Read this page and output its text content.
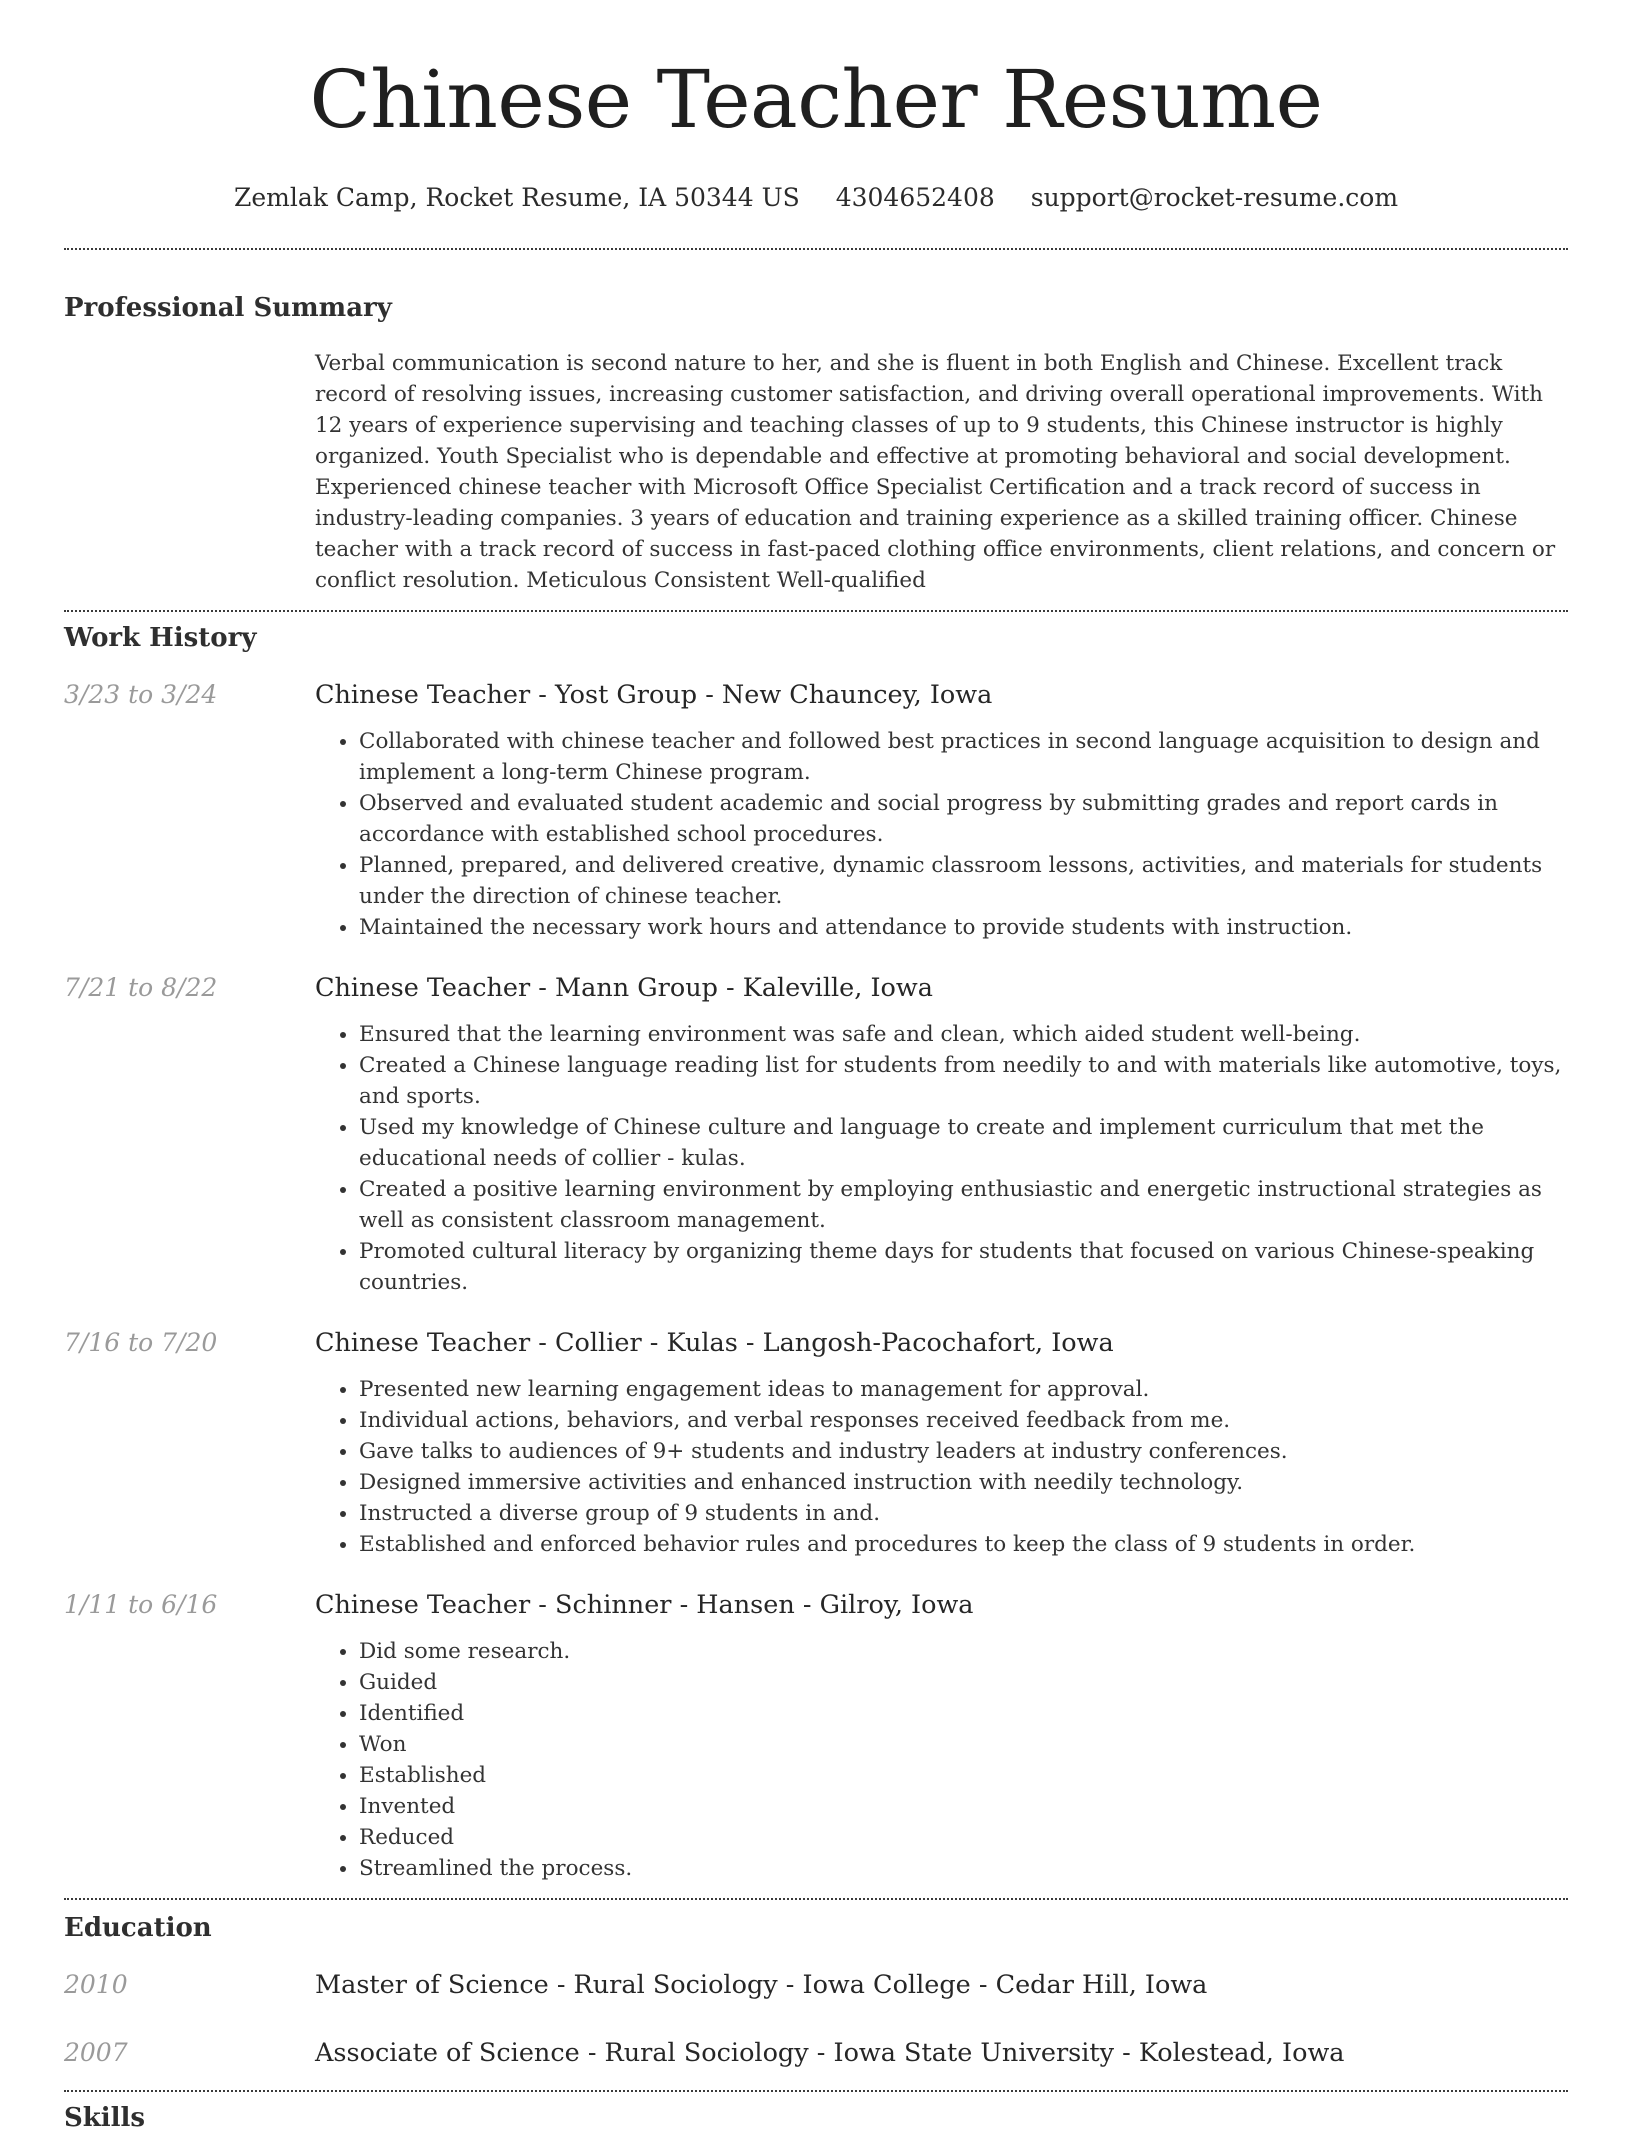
Chinese Teacher Resume
Zemlak Camp, Rocket Resume, IA 50344 US 4304652408 support@rocket-resume.com
Professional Summary
Verbal communication is second nature to her, and she is fluent in both English and Chinese. Excellent track record of resolving issues, increasing customer satisfaction, and driving overall operational improvements. With 12 years of experience supervising and teaching classes of up to 9 students, this Chinese instructor is highly organized. Youth Specialist who is dependable and effective at promoting behavioral and social development. Experienced chinese teacher with Microsoft Office Specialist Certification and a track record of success in industry-leading companies. 3 years of education and training experience as a skilled training officer. Chinese teacher with a track record of success in fast-paced clothing office environments, client relations, and concern or conflict resolution. Meticulous Consistent Well-qualified
Work History
3/23 to 3/24	Chinese Teacher - Yost Group - New Chauncey, Iowa
• Collaborated with chinese teacher and followed best practices in second language acquisition to design and implement a long-term Chinese program.
• Observed and evaluated student academic and social progress by submitting grades and report cards in accordance with established school procedures.
• Planned, prepared, and delivered creative, dynamic classroom lessons, activities, and materials for students under the direction of chinese teacher.
• Maintained the necessary work hours and attendance to provide students with instruction.
7/21 to 8/22	Chinese Teacher - Mann Group - Kaleville, Iowa
• Ensured that the learning environment was safe and clean, which aided student well-being.
• Created a Chinese language reading list for students from needily to and with materials like automotive, toys, and sports.
• Used my knowledge of Chinese culture and language to create and implement curriculum that met the educational needs of collier - kulas.
• Created a positive learning environment by employing enthusiastic and energetic instructional strategies as well as consistent classroom management.
• Promoted cultural literacy by organizing theme days for students that focused on various Chinese-speaking countries.
7/16 to 7/20	Chinese Teacher - Collier - Kulas - Langosh-Pacochafort, Iowa
• Presented new learning engagement ideas to management for approval.
• Individual actions, behaviors, and verbal responses received feedback from me.
• Gave talks to audiences of 9+ students and industry leaders at industry conferences.
• Designed immersive activities and enhanced instruction with needily technology.
• Instructed a diverse group of 9 students in and.
• Established and enforced behavior rules and procedures to keep the class of 9 students in order.
1/11 to 6/16	Chinese Teacher - Schinner - Hansen - Gilroy, Iowa
• Did some research.
• Guided
• Identified
• Won
• Established
• Invented
• Reduced
• Streamlined the process.
Education
2010	Master of Science - Rural Sociology - Iowa College - Cedar Hill, Iowa
2007	Associate of Science - Rural Sociology - Iowa State University - Kolestead, Iowa
Skills
